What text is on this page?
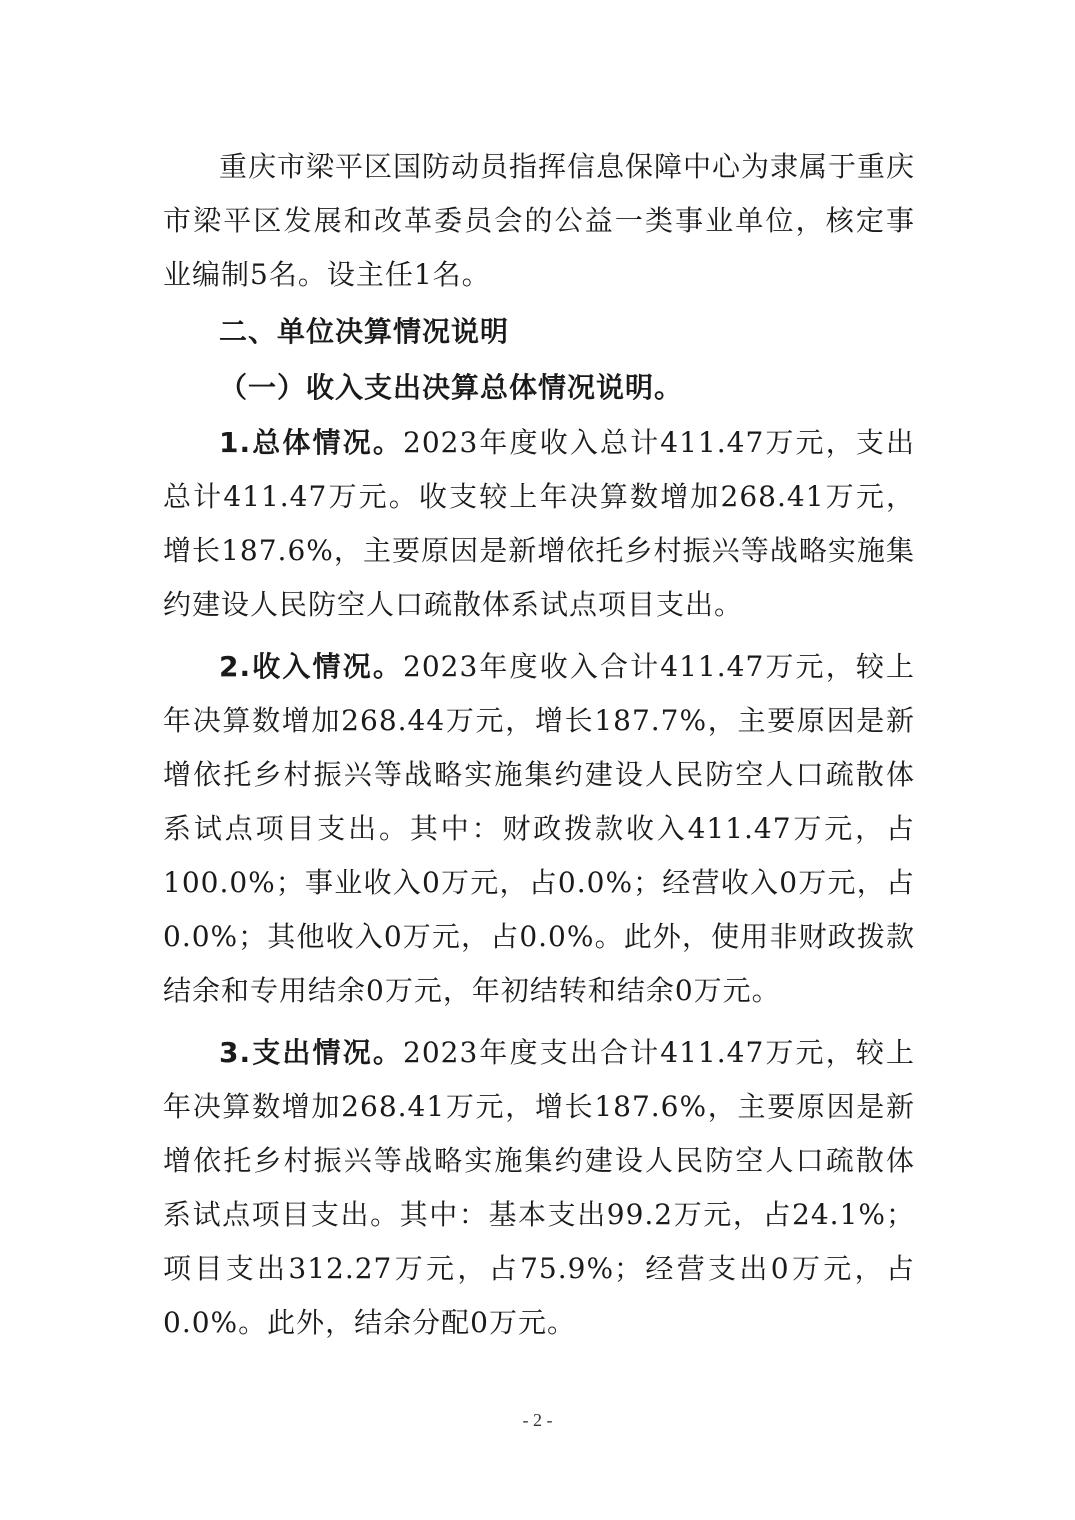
重庆市梁平区国防动员指挥信息保障中心为隶属于重庆市梁平区发展和改革委员会的公益一类事业单位，核定事业编制5名。设主任1名。

二、单位决算情况说明

（一）收入支出决算总体情况说明。

1.总体情况。2023年度收入总计411.47万元，支出总计411.47万元。收支较上年决算数增加268.41万元，增长187.6%，主要原因是新增依托乡村振兴等战略实施集约建设人民防空人口疏散体系试点项目支出。

2.收入情况。2023年度收入合计411.47万元，较上年决算数增加268.44万元，增长187.7%，主要原因是新增依托乡村振兴等战略实施集约建设人民防空人口疏散体系试点项目支出。其中：财政拨款收入411.47万元，占100.0%；事业收入0万元，占0.0%；经营收入0万元，占0.0%；其他收入0万元，占0.0%。此外，使用非财政拨款结余和专用结余0万元，年初结转和结余0万元。

3.支出情况。2023年度支出合计411.47万元，较上年决算数增加268.41万元，增长187.6%，主要原因是新增依托乡村振兴等战略实施集约建设人民防空人口疏散体系试点项目支出。其中：基本支出99.2万元，占24.1%；项目支出312.27万元，占75.9%；经营支出0万元，占0.0%。此外，结余分配0万元。

- 2 -
